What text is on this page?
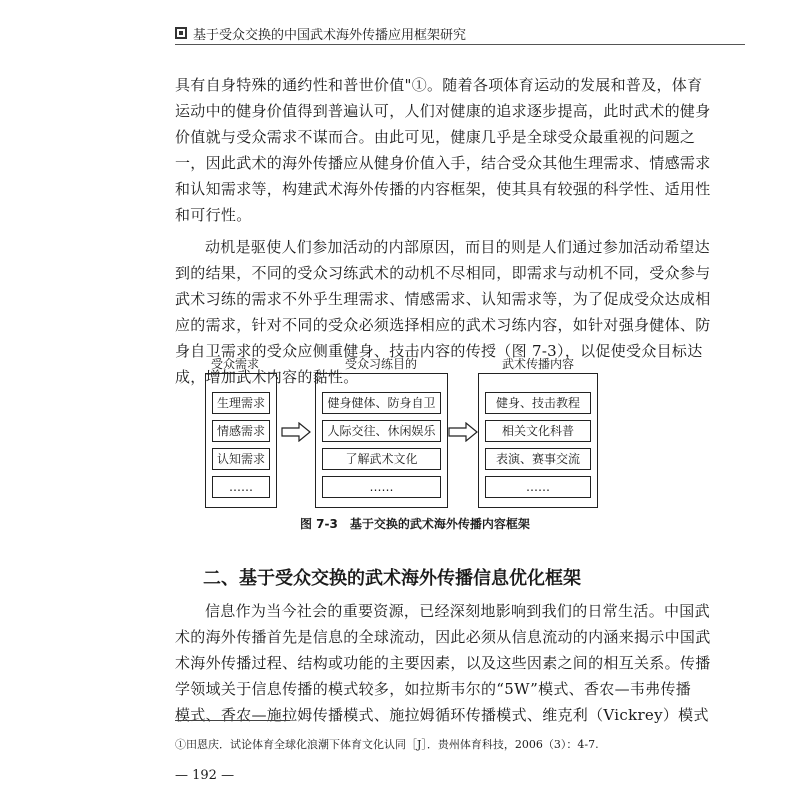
基于受众交换的中国武术海外传播应用框架研究

具有自身特殊的通约性和普世价值"①。随着各项体育运动的发展和普及，体育

运动中的健身价值得到普遍认可，人们对健康的追求逐步提高，此时武术的健身

价值就与受众需求不谋而合。由此可见，健康几乎是全球受众最重视的问题之

一，因此武术的海外传播应从健身价值入手，结合受众其他生理需求、情感需求

和认知需求等，构建武术海外传播的内容框架，使其具有较强的科学性、适用性

和可行性。

动机是驱使人们参加活动的内部原因，而目的则是人们通过参加活动希望达

到的结果，不同的受众习练武术的动机不尽相同，即需求与动机不同，受众参与

武术习练的需求不外乎生理需求、情感需求、认知需求等，为了促成受众达成相

应的需求，针对不同的受众必须选择相应的武术习练内容，如针对强身健体、防

身自卫需求的受众应侧重健身、技击内容的传授（图 7-3），以促使受众目标达

成，增加武术内容的黏性。

受众需求	受众习练目的	武术传播内容
生理需求
情感需求
认知需求
……
健身健体、防身自卫
人际交往、休闲娱乐
了解武术文化
……
健身、技击教程
相关文化科普
表演、赛事交流
……
图 7-3　基于交换的武术海外传播内容框架
二、基于受众交换的武术海外传播信息优化框架

信息作为当今社会的重要资源，已经深刻地影响到我们的日常生活。中国武

术的海外传播首先是信息的全球流动，因此必须从信息流动的内涵来揭示中国武

术海外传播过程、结构或功能的主要因素，以及这些因素之间的相互关系。传播

学领域关于信息传播的模式较多，如拉斯韦尔的“5W”模式、香农—韦弗传播

模式、香农—施拉姆传播模式、施拉姆循环传播模式、维克利（Vickrey）模式

①田恩庆．试论体育全球化浪潮下体育文化认同［J］．贵州体育科技，2006（3）：4-7.
— 192 —
